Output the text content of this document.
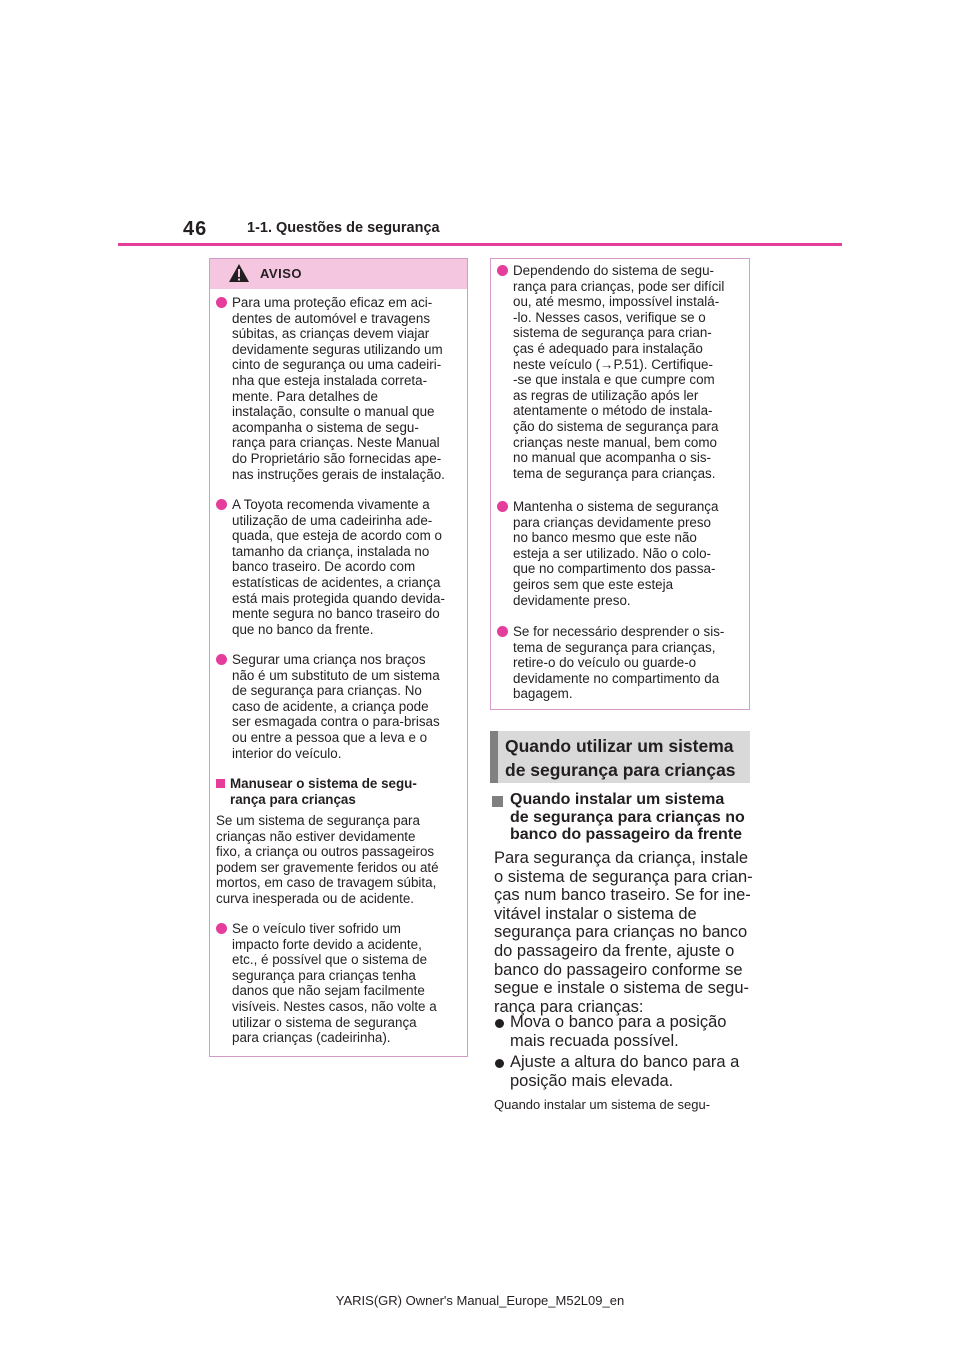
46	1-1. Questões de segurança
AVISO
Para uma proteção eficaz em aci-
dentes de automóvel e travagens
súbitas, as crianças devem viajar
devidamente seguras utilizando um
cinto de segurança ou uma cadeiri-
nha que esteja instalada correta-
mente. Para detalhes de
instalação, consulte o manual que
acompanha o sistema de segu-
rança para crianças. Neste Manual
do Proprietário são fornecidas ape-
nas instruções gerais de instalação.
A Toyota recomenda vivamente a
utilização de uma cadeirinha ade-
quada, que esteja de acordo com o
tamanho da criança, instalada no
banco traseiro. De acordo com
estatísticas de acidentes, a criança
está mais protegida quando devida-
mente segura no banco traseiro do
que no banco da frente.
Segurar uma criança nos braços
não é um substituto de um sistema
de segurança para crianças. No
caso de acidente, a criança pode
ser esmagada contra o para-brisas
ou entre a pessoa que a leva e o
interior do veículo.
Manusear o sistema de segu-
rança para crianças
Se um sistema de segurança para
crianças não estiver devidamente
fixo, a criança ou outros passageiros
podem ser gravemente feridos ou até
mortos, em caso de travagem súbita,
curva inesperada ou de acidente.
Se o veículo tiver sofrido um
impacto forte devido a acidente,
etc., é possível que o sistema de
segurança para crianças tenha
danos que não sejam facilmente
visíveis. Nestes casos, não volte a
utilizar o sistema de segurança
para crianças (cadeirinha).
Dependendo do sistema de segu-
rança para crianças, pode ser difícil
ou, até mesmo, impossível instalá-
-lo. Nesses casos, verifique se o
sistema de segurança para crian-
ças é adequado para instalação
neste veículo (→P.51). Certifique-
-se que instala e que cumpre com
as regras de utilização após ler
atentamente o método de instala-
ção do sistema de segurança para
crianças neste manual, bem como
no manual que acompanha o sis-
tema de segurança para crianças.
Mantenha o sistema de segurança
para crianças devidamente preso
no banco mesmo que este não
esteja a ser utilizado. Não o colo-
que no compartimento dos passa-
geiros sem que este esteja
devidamente preso.
Se for necessário desprender o sis-
tema de segurança para crianças,
retire-o do veículo ou guarde-o
devidamente no compartimento da
bagagem.
Quando utilizar um sistema
de segurança para crianças
Quando instalar um sistema
de segurança para crianças no
banco do passageiro da frente
Para segurança da criança, instale
o sistema de segurança para crian-
ças num banco traseiro. Se for ine-
vitável instalar o sistema de
segurança para crianças no banco
do passageiro da frente, ajuste o
banco do passageiro conforme se
segue e instale o sistema de segu-
rança para crianças:
Mova o banco para a posição
mais recuada possível.
Ajuste a altura do banco para a
posição mais elevada.
Quando instalar um sistema de segu-
YARIS(GR) Owner's Manual_Europe_M52L09_en
